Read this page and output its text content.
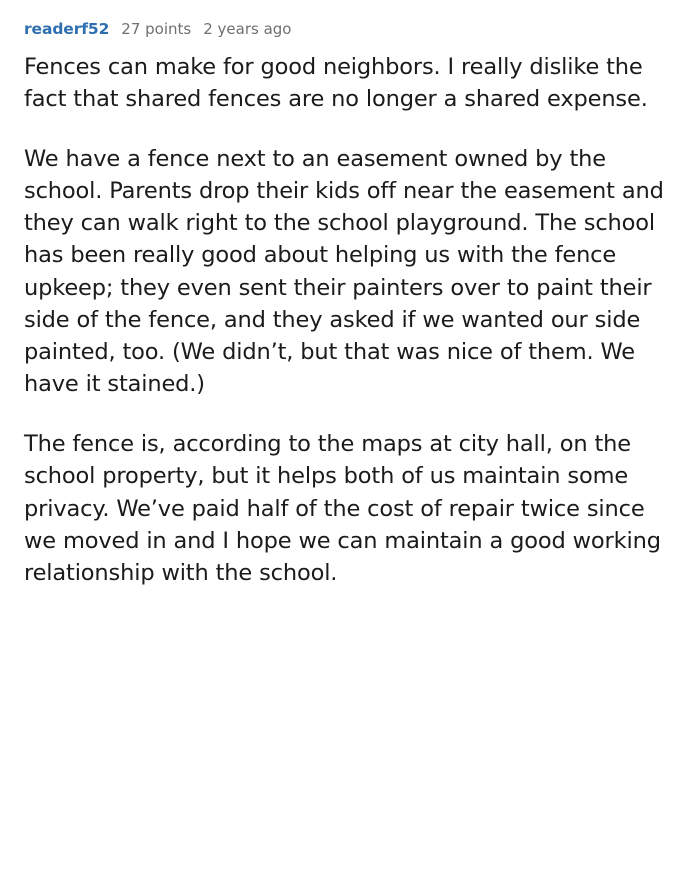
readerf52 27 points 2 years ago

Fences can make for good neighbors. I really dislike the fact that shared fences are no longer a shared expense.

We have a fence next to an easement owned by the school. Parents drop their kids off near the easement and they can walk right to the school playground. The school has been really good about helping us with the fence upkeep; they even sent their painters over to paint their side of the fence, and they asked if we wanted our side painted, too. (We didn’t, but that was nice of them. We have it stained.)

The fence is, according to the maps at city hall, on the school property, but it helps both of us maintain some privacy. We’ve paid half of the cost of repair twice since we moved in and I hope we can maintain a good working relationship with the school.
